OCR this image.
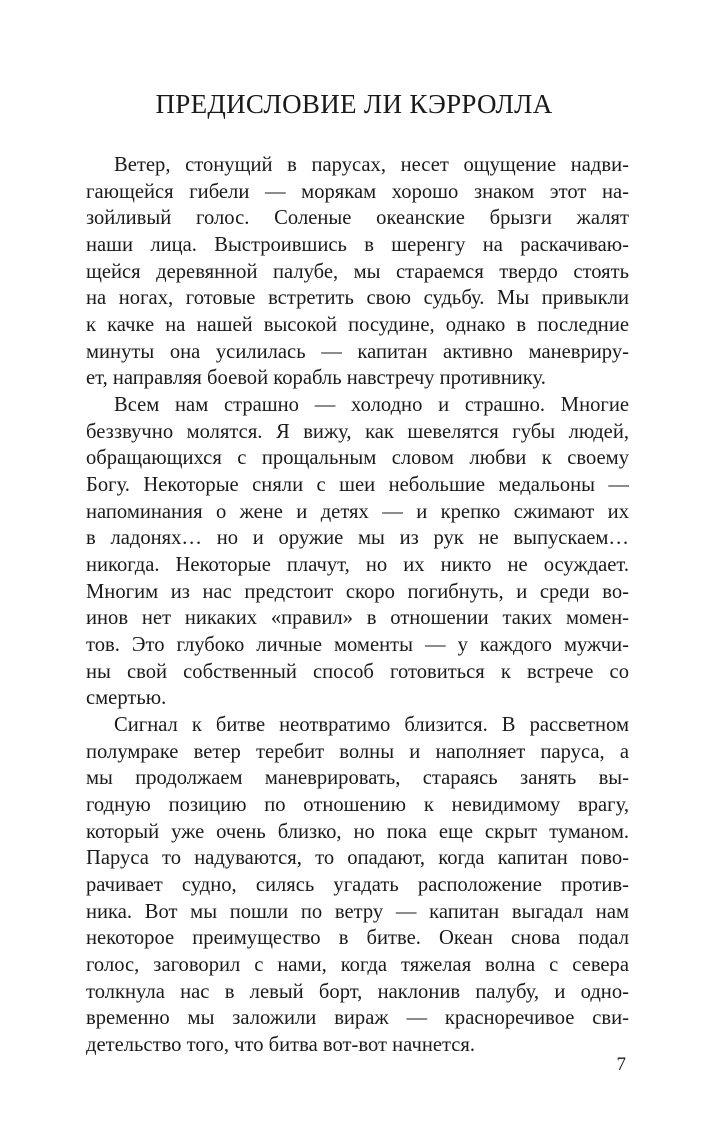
ПРЕДИСЛОВИЕ ЛИ КЭРРОЛЛА
Ветер, стонущий в парусах, несет ощущение надви-
гающейся гибели — морякам хорошо знаком этот на-
зойливый голос. Соленые океанские брызги жалят
наши лица. Выстроившись в шеренгу на раскачиваю-
щейся деревянной палубе, мы стараемся твердо стоять
на ногах, готовые встретить свою судьбу. Мы привыкли
к качке на нашей высокой посудине, однако в последние
минуты она усилилась — капитан активно маневриру-
ет, направляя боевой корабль навстречу противнику.
Всем нам страшно — холодно и страшно. Многие
беззвучно молятся. Я вижу, как шевелятся губы людей,
обращающихся с прощальным словом любви к своему
Богу. Некоторые сняли с шеи небольшие медальоны —
напоминания о жене и детях — и крепко сжимают их
в ладонях… но и оружие мы из рук не выпускаем…
никогда. Некоторые плачут, но их никто не осуждает.
Многим из нас предстоит скоро погибнуть, и среди во-
инов нет никаких «правил» в отношении таких момен-
тов. Это глубоко личные моменты — у каждого мужчи-
ны свой собственный способ готовиться к встрече со
смертью.
Сигнал к битве неотвратимо близится. В рассветном
полумраке ветер теребит волны и наполняет паруса, а
мы продолжаем маневрировать, стараясь занять вы-
годную позицию по отношению к невидимому врагу,
который уже очень близко, но пока еще скрыт туманом.
Паруса то надуваются, то опадают, когда капитан пово-
рачивает судно, силясь угадать расположение против-
ника. Вот мы пошли по ветру — капитан выгадал нам
некоторое преимущество в битве. Океан снова подал
голос, заговорил с нами, когда тяжелая волна с севера
толкнула нас в левый борт, наклонив палубу, и одно-
временно мы заложили вираж — красноречивое сви-
детельство того, что битва вот-вот начнется.
7
